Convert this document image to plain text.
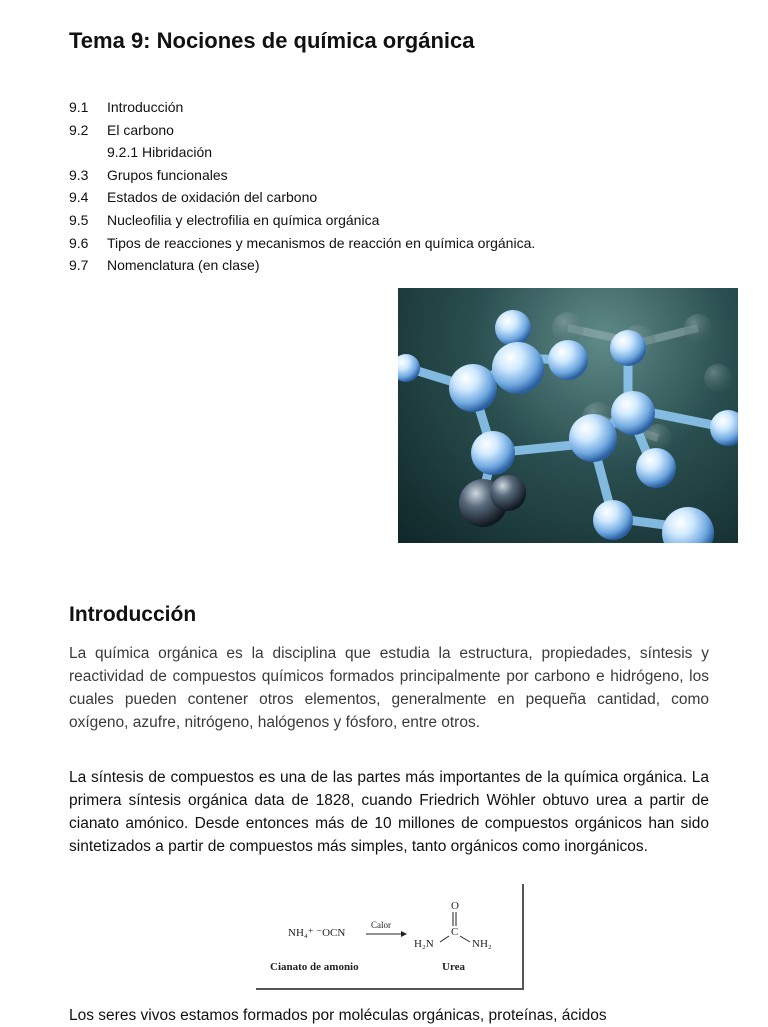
Tema 9: Nociones de química orgánica
9.1 Introducción
9.2 El carbono
9.2.1 Hibridación
9.3 Grupos funcionales
9.4 Estados de oxidación del carbono
9.5 Nucleofilia y electrofilia en química orgánica
9.6 Tipos de reacciones y mecanismos de reacción en química orgánica.
9.7 Nomenclatura (en clase)
Introducción

La química orgánica es la disciplina que estudia la estructura, propiedades, síntesis y reactividad de compuestos químicos formados principalmente por carbono e hidrógeno, los cuales pueden contener otros elementos, generalmente en pequeña cantidad, como oxígeno, azufre, nitrógeno, halógenos y fósforo, entre otros.

La síntesis de compuestos es una de las partes más importantes de la química orgánica. La primera síntesis orgánica data de 1828, cuando Friedrich Wöhler obtuvo urea a partir de cianato amónico. Desde entonces más de 10 millones de compuestos orgánicos han sido sintetizados a partir de compuestos más simples, tanto orgánicos como inorgánicos.

NH₄⁺ ⁻OCN
Calor
O
C
H₂N	NH₂
Cianato de amonio	Urea

Los seres vivos estamos formados por moléculas orgánicas, proteínas, ácidos
